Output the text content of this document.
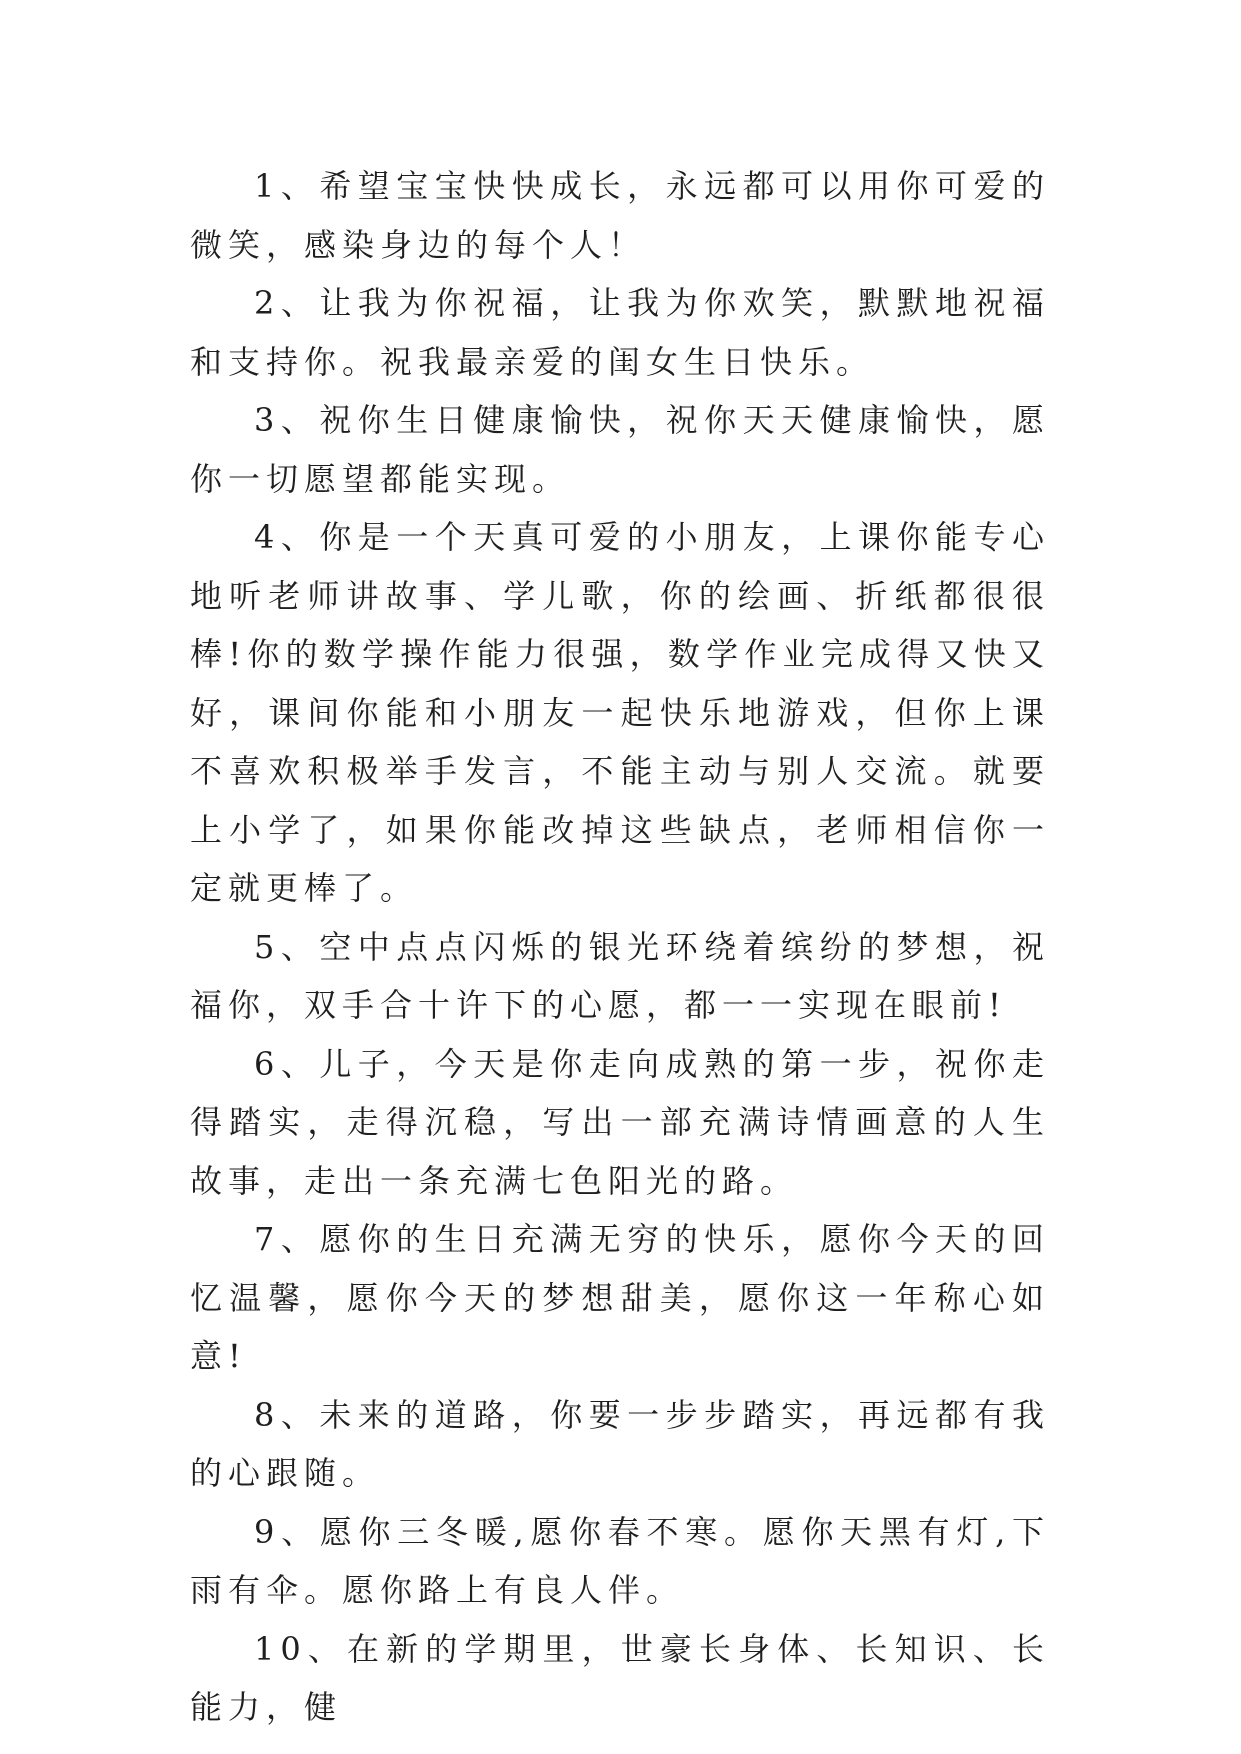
1、希望宝宝快快成长，永远都可以用你可爱的微笑，感染身边的每个人！

2、让我为你祝福，让我为你欢笑，默默地祝福和支持你。祝我最亲爱的闺女生日快乐。

3、祝你生日健康愉快，祝你天天健康愉快，愿你一切愿望都能实现。

4、你是一个天真可爱的小朋友，上课你能专心地听老师讲故事、学儿歌，你的绘画、折纸都很很棒!你的数学操作能力很强，数学作业完成得又快又好，课间你能和小朋友一起快乐地游戏，但你上课不喜欢积极举手发言，不能主动与别人交流。就要上小学了，如果你能改掉这些缺点，老师相信你一定就更棒了。

5、空中点点闪烁的银光环绕着缤纷的梦想，祝福你，双手合十许下的心愿，都一一实现在眼前!

6、儿子，今天是你走向成熟的第一步，祝你走得踏实，走得沉稳，写出一部充满诗情画意的人生故事，走出一条充满七色阳光的路。

7、愿你的生日充满无穷的快乐，愿你今天的回忆温馨，愿你今天的梦想甜美，愿你这一年称心如意!

8、未来的道路，你要一步步踏实，再远都有我的心跟随。

9、愿你三冬暖,愿你春不寒。愿你天黑有灯,下雨有伞。愿你路上有良人伴。

10、在新的学期里，世豪长身体、长知识、长能力，健
